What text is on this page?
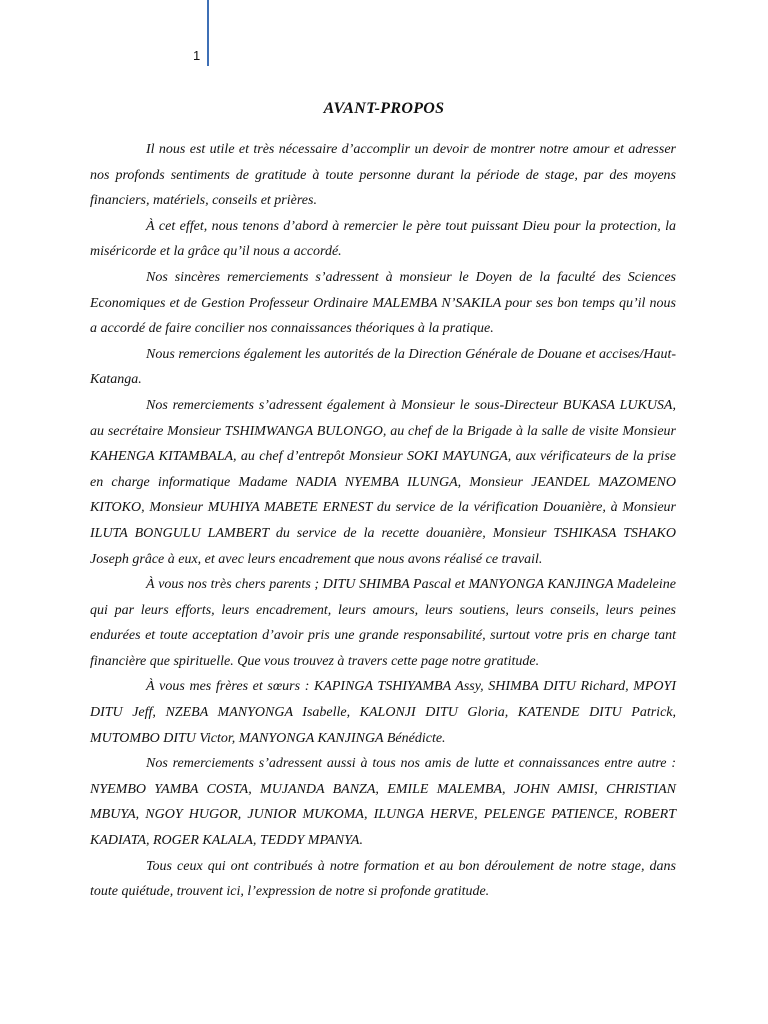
1
AVANT-PROPOS

Il nous est utile et très nécessaire d’accomplir un devoir de montrer notre amour et adresser nos profonds sentiments de gratitude à toute personne durant la période de stage, par des moyens financiers, matériels, conseils et prières.

À cet effet, nous tenons d’abord à remercier le père tout puissant Dieu pour la protection, la miséricorde et la grâce qu’il nous a accordé.

Nos sincères remerciements s’adressent à monsieur le Doyen de la faculté des Sciences Economiques et de Gestion Professeur Ordinaire MALEMBA N’SAKILA pour ses bon temps qu’il nous a accordé de faire concilier nos connaissances théoriques à la pratique.

Nous remercions également les autorités de la Direction Générale de Douane et accises/Haut-Katanga.

Nos remerciements s’adressent également à Monsieur le sous-Directeur BUKASA LUKUSA, au secrétaire Monsieur TSHIMWANGA BULONGO, au chef de la Brigade à la salle de visite Monsieur KAHENGA KITAMBALA, au chef d’entrepôt Monsieur SOKI MAYUNGA, aux vérificateurs de la prise en charge informatique Madame NADIA NYEMBA ILUNGA, Monsieur JEANDEL MAZOMENO KITOKO, Monsieur MUHIYA MABETE ERNEST du service de la vérification Douanière, à Monsieur ILUTA BONGULU LAMBERT du service de la recette douanière, Monsieur TSHIKASA TSHAKO Joseph grâce à eux, et avec leurs encadrement que nous avons réalisé ce travail.

À vous nos très chers parents ; DITU SHIMBA Pascal et MANYONGA KANJINGA Madeleine qui par leurs efforts, leurs encadrement, leurs amours, leurs soutiens, leurs conseils, leurs peines endurées et toute acceptation d’avoir pris une grande responsabilité, surtout votre pris en charge tant financière que spirituelle. Que vous trouvez à travers cette page notre gratitude.

À vous mes frères et sœurs : KAPINGA TSHIYAMBA Assy, SHIMBA DITU Richard, MPOYI DITU Jeff, NZEBA MANYONGA Isabelle, KALONJI DITU Gloria, KATENDE DITU Patrick, MUTOMBO DITU Victor, MANYONGA KANJINGA Bénédicte.

Nos remerciements s’adressent aussi à tous nos amis de lutte et connaissances entre autre : NYEMBO YAMBA COSTA, MUJANDA BANZA, EMILE MALEMBA, JOHN AMISI, CHRISTIAN MBUYA, NGOY HUGOR, JUNIOR MUKOMA, ILUNGA HERVE, PELENGE PATIENCE, ROBERT KADIATA, ROGER KALALA, TEDDY MPANYA.

Tous ceux qui ont contribués à notre formation et au bon déroulement de notre stage, dans toute quiétude, trouvent ici, l’expression de notre si profonde gratitude.
